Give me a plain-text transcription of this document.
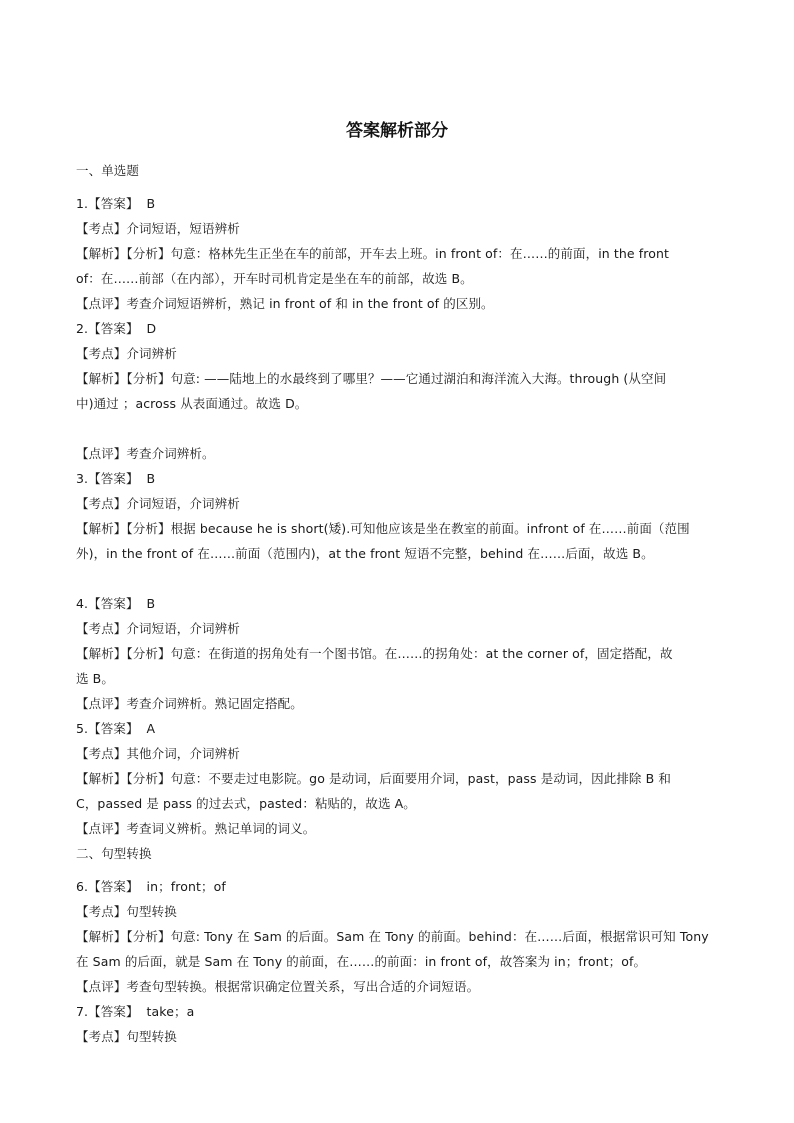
答案解析部分
一、单选题
1.【答案】 B
【考点】介词短语，短语辨析
【解析】【分析】句意：格林先生正坐在车的前部，开车去上班。in front of：在……的前面，in the front
of：在……前部（在内部），开车时司机肯定是坐在车的前部，故选 B。
【点评】考查介词短语辨析，熟记 in front of 和 in the front of 的区别。
2.【答案】 D
【考点】介词辨析
【解析】【分析】句意: ——陆地上的水最终到了哪里？——它通过湖泊和海洋流入大海。through (从空间
中)通过 ；across 从表面通过。故选 D。
【点评】考查介词辨析。
3.【答案】 B
【考点】介词短语，介词辨析
【解析】【分析】根据 because he is short(矮).可知他应该是坐在教室的前面。infront of 在……前面（范围
外)，in the front of 在……前面（范围内)，at the front 短语不完整，behind 在……后面，故选 B。
4.【答案】 B
【考点】介词短语，介词辨析
【解析】【分析】句意：在街道的拐角处有一个图书馆。在……的拐角处：at the corner of，固定搭配，故
选 B。
【点评】考查介词辨析。熟记固定搭配。
5.【答案】 A
【考点】其他介词，介词辨析
【解析】【分析】句意：不要走过电影院。go 是动词，后面要用介词，past，pass 是动词，因此排除 B 和
C，passed 是 pass 的过去式，pasted：粘贴的，故选 A。
【点评】考查词义辨析。熟记单词的词义。
二、句型转换
6.【答案】 in；front；of
【考点】句型转换
【解析】【分析】句意: Tony 在 Sam 的后面。Sam 在 Tony 的前面。behind：在……后面，根据常识可知 Tony
在 Sam 的后面，就是 Sam 在 Tony 的前面，在……的前面：in front of，故答案为 in；front；of。
【点评】考查句型转换。根据常识确定位置关系，写出合适的介词短语。
7.【答案】 take；a
【考点】句型转换
